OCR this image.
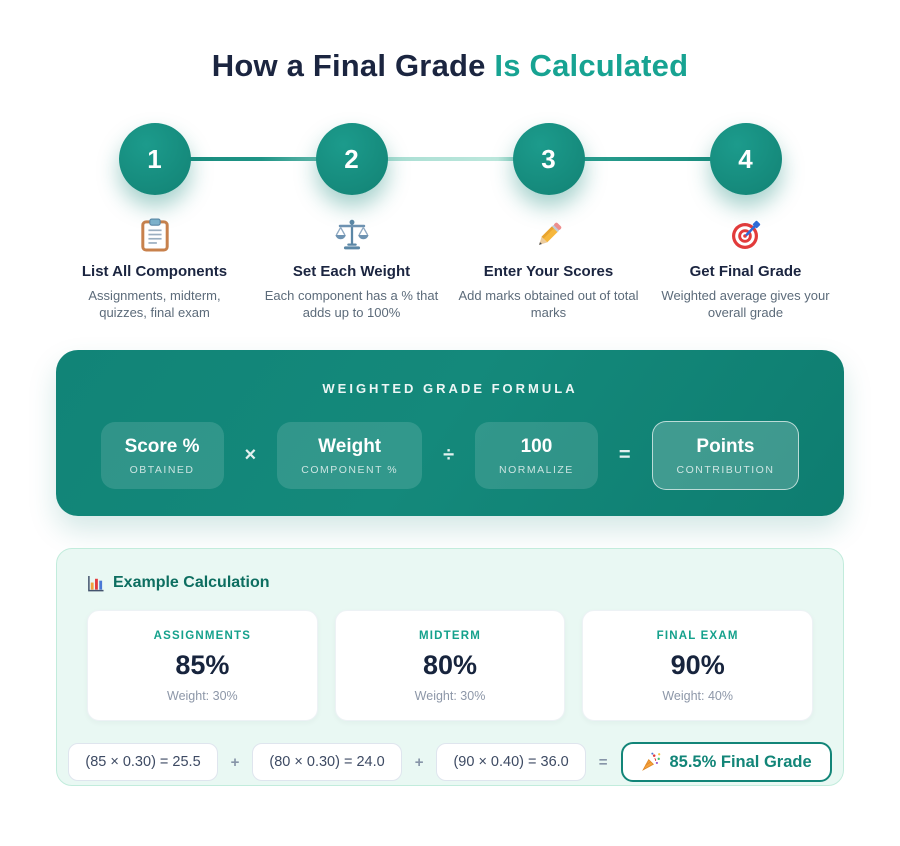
How a Final Grade Is Calculated
1	2	3	4
List All Components
Assignments, midterm, quizzes, final exam
Set Each Weight
Each component has a % that adds up to 100%
Enter Your Scores
Add marks obtained out of total marks
Get Final Grade
Weighted average gives your overall grade
WEIGHTED GRADE FORMULA
Score %
OBTAINED
×	Weight
COMPONENT %
÷	100
NORMALIZE
=	Points
CONTRIBUTION
Example Calculation
ASSIGNMENTS
85%
Weight: 30%
MIDTERM
80%
Weight: 30%
FINAL EXAM
90%
Weight: 40%
(85 × 0.30) = 25.5	+	(80 × 0.30) = 24.0	+	(90 × 0.40) = 36.0	=	85.5% Final Grade
